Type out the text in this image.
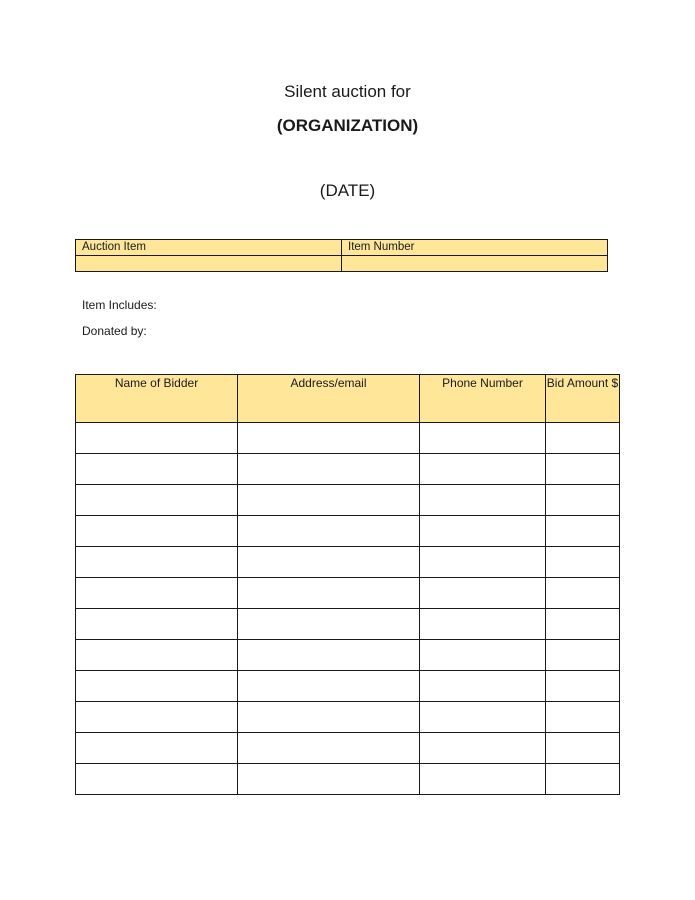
Silent auction for
(ORGANIZATION)
(DATE)
Auction Item	Item Number

Item Includes:
Donated by:
Name of Bidder	Address/email	Phone Number	Bid Amount $
